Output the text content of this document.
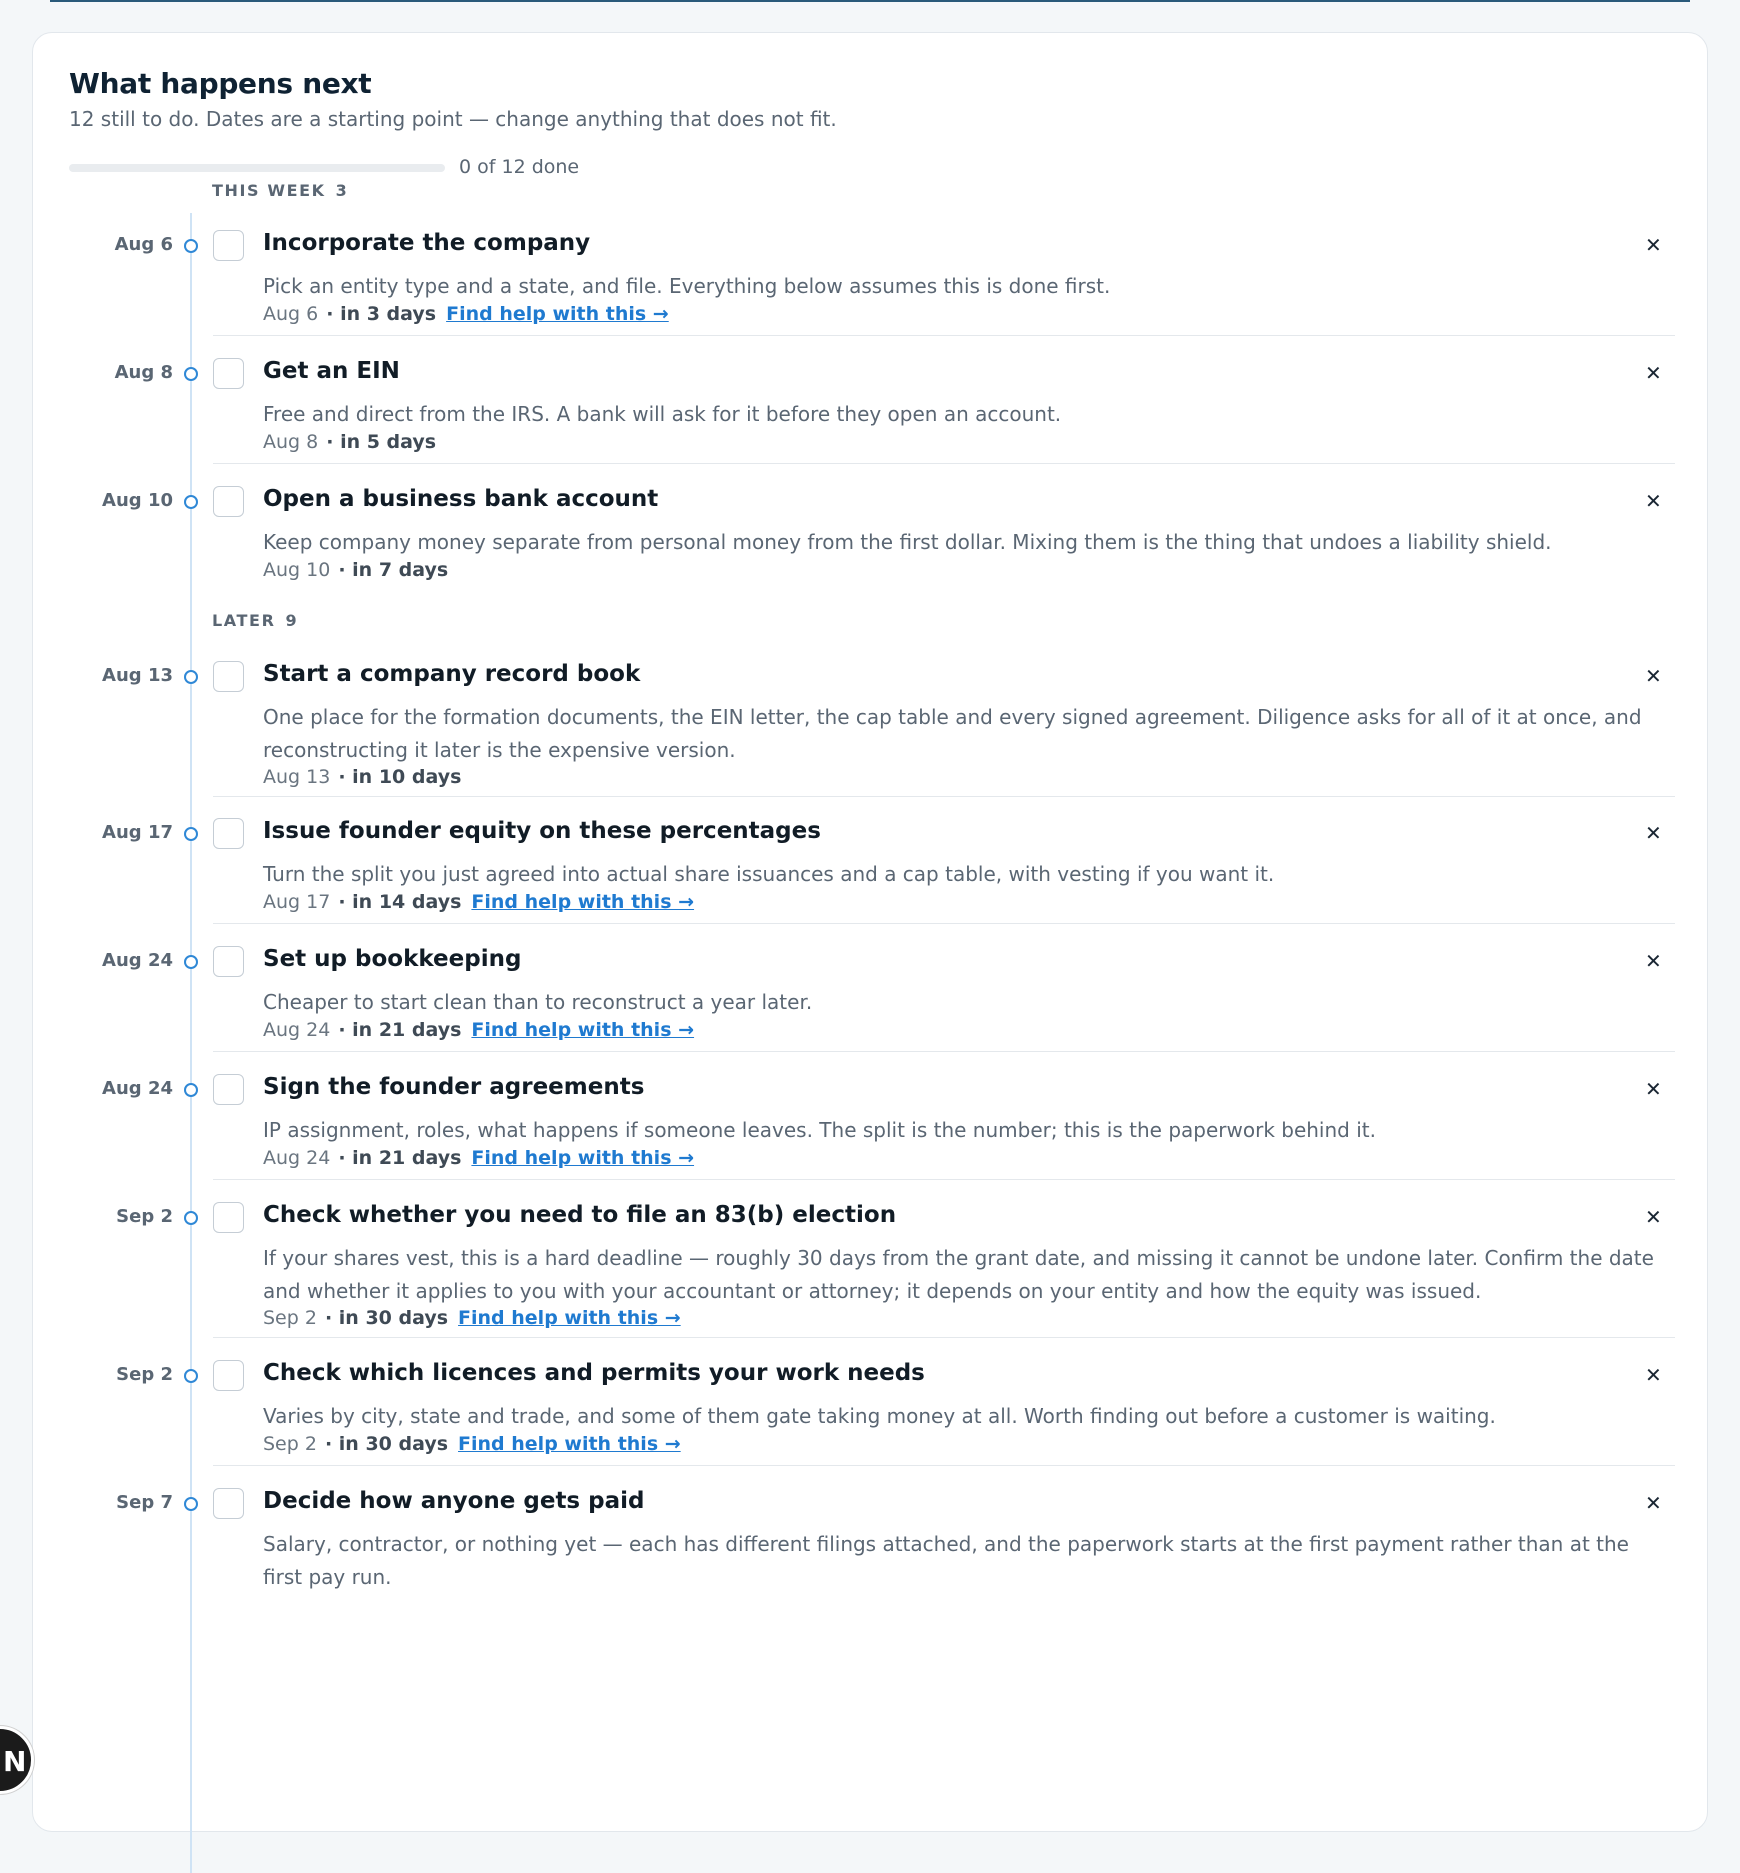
What happens next

12 still to do. Dates are a starting point — change anything that does not fit.

0 of 12 done
THIS WEEK 3
Aug 6	Incorporate the company	✕

Pick an entity type and a state, and file. Everything below assumes this is done first.

Aug 6 · in 3 days Find help with this →
Aug 8	Get an EIN	✕

Free and direct from the IRS. A bank will ask for it before they open an account.

Aug 8 · in 5 days
Aug 10	Open a business bank account	✕

Keep company money separate from personal money from the first dollar. Mixing them is the thing that undoes a liability shield.

Aug 10 · in 7 days
LATER 9
Aug 13	Start a company record book	✕

One place for the formation documents, the EIN letter, the cap table and every signed agreement. Diligence asks for all of it at once, and reconstructing it later is the expensive version.

Aug 13 · in 10 days
Aug 17	Issue founder equity on these percentages	✕

Turn the split you just agreed into actual share issuances and a cap table, with vesting if you want it.

Aug 17 · in 14 days Find help with this →
Aug 24	Set up bookkeeping	✕

Cheaper to start clean than to reconstruct a year later.

Aug 24 · in 21 days Find help with this →
Aug 24	Sign the founder agreements	✕

IP assignment, roles, what happens if someone leaves. The split is the number; this is the paperwork behind it.

Aug 24 · in 21 days Find help with this →
Sep 2	Check whether you need to file an 83(b) election	✕

If your shares vest, this is a hard deadline — roughly 30 days from the grant date, and missing it cannot be undone later. Confirm the date and whether it applies to you with your accountant or attorney; it depends on your entity and how the equity was issued.

Sep 2 · in 30 days Find help with this →
Sep 2	Check which licences and permits your work needs	✕

Varies by city, state and trade, and some of them gate taking money at all. Worth finding out before a customer is waiting.

Sep 2 · in 30 days Find help with this →
Sep 7	Decide how anyone gets paid	✕

Salary, contractor, or nothing yet — each has different filings attached, and the paperwork starts at the first payment rather than at the first pay run.

N
